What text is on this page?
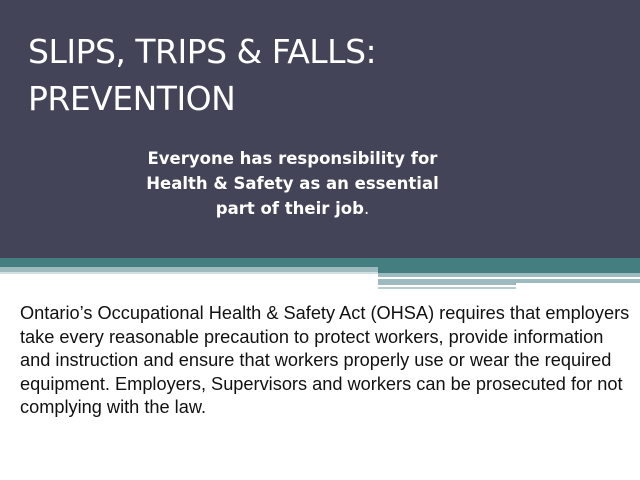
SLIPS, TRIPS & FALLS:
PREVENTION

Everyone has responsibility for
Health & Safety as an essential
part of their job.

Ontario’s Occupational Health & Safety Act (OHSA) requires that employers take every reasonable precaution to protect workers, provide information and instruction and ensure that workers properly use or wear the required equipment. Employers, Supervisors and workers can be prosecuted for not complying with the law.
